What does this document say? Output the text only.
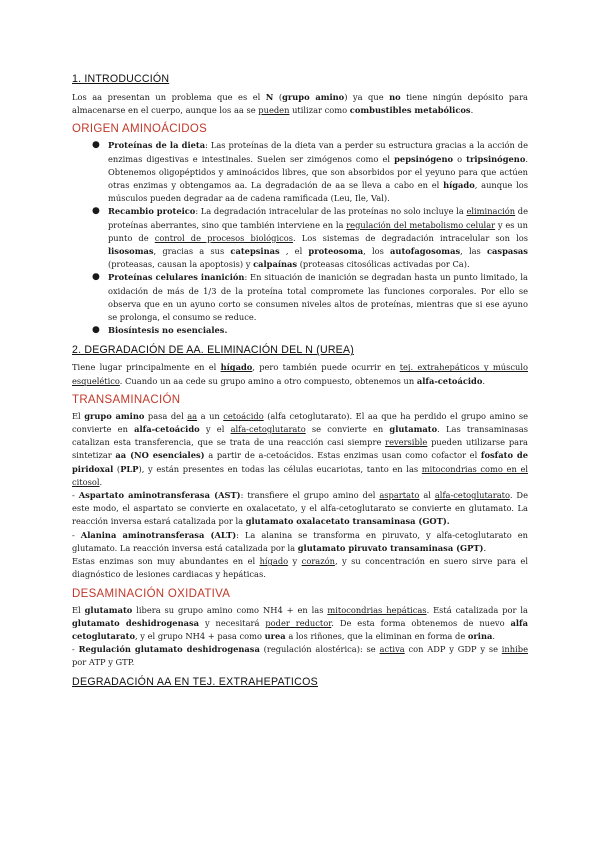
1. INTRODUCCIÓN

Los aa presentan un problema que es el N (grupo amino) ya que no tiene ningún depósito para almacenarse en el cuerpo, aunque los aa se pueden utilizar como combustibles metabólicos.

ORIGEN AMINOÁCIDOS
● Proteínas de la dieta: Las proteínas de la dieta van a perder su estructura gracias a la acción de enzimas digestivas e intestinales. Suelen ser zimógenos como el pepsinógeno o tripsinógeno. Obtenemos oligopéptidos y aminoácidos libres, que son absorbidos por el yeyuno para que actúen otras enzimas y obtengamos aa. La degradación de aa se lleva a cabo en el hígado, aunque los músculos pueden degradar aa de cadena ramificada (Leu, Ile, Val).
● Recambio proteico: La degradación intracelular de las proteínas no solo incluye la eliminación de proteínas aberrantes, sino que también interviene en la regulación del metabolismo celular y es un punto de control de procesos biológicos. Los sistemas de degradación intracelular son los lisosomas, gracias a sus catepsinas , el proteosoma, los autofagosomas, las caspasas (proteasas, causan la apoptosis) y calpaínas (proteasas citosólicas activadas por Ca).
● Proteínas celulares inanición: En situación de inanición se degradan hasta un punto limitado, la oxidación de más de 1/3 de la proteína total compromete las funciones corporales. Por ello se observa que en un ayuno corto se consumen niveles altos de proteínas, mientras que si ese ayuno se prolonga, el consumo se reduce.
● Biosíntesis no esenciales.
2. DEGRADACIÓN DE AA. ELIMINACIÓN DEL N (UREA)

Tiene lugar principalmente en el hígado, pero también puede ocurrir en tej. extrahepáticos y músculo esquelético. Cuando un aa cede su grupo amino a otro compuesto, obtenemos un alfa-cetoácido.

TRANSAMINACIÓN

El grupo amino pasa del aa a un cetoácido (alfa cetoglutarato). El aa que ha perdido el grupo amino se convierte en alfa-cetoácido y el alfa-cetoglutarato se convierte en glutamato. Las transaminasas catalizan esta transferencia, que se trata de una reacción casi siempre reversible pueden utilizarse para sintetizar aa (NO esenciales) a partir de a-cetoácidos. Estas enzimas usan como cofactor el fosfato de piridoxal (PLP), y están presentes en todas las células eucariotas, tanto en las mitocondrias como en el citosol.

- Aspartato aminotransferasa (AST): transfiere el grupo amino del aspartato al alfa-cetoglutarato. De este modo, el aspartato se convierte en oxalacetato, y el alfa-cetoglutarato se convierte en glutamato. La reacción inversa estará catalizada por la glutamato oxalacetato transaminasa (GOT).

- Alanina aminotransferasa (ALT): La alanina se transforma en piruvato, y alfa-cetoglutarato en glutamato. La reacción inversa está catalizada por la glutamato piruvato transaminasa (GPT).

Estas enzimas son muy abundantes en el hígado y corazón, y su concentración en suero sirve para el diagnóstico de lesiones cardiacas y hepáticas.

DESAMINACIÓN OXIDATIVA

El glutamato libera su grupo amino como NH4 + en las mitocondrias hepáticas. Está catalizada por la glutamato deshidrogenasa y necesitará poder reductor. De esta forma obtenemos de nuevo alfa cetoglutarato, y el grupo NH4 + pasa como urea a los riñones, que la eliminan en forma de orina.

- Regulación glutamato deshidrogenasa (regulación alostérica): se activa con ADP y GDP y se inhibe por ATP y GTP.

DEGRADACIÓN AA EN TEJ. EXTRAHEPATICOS
